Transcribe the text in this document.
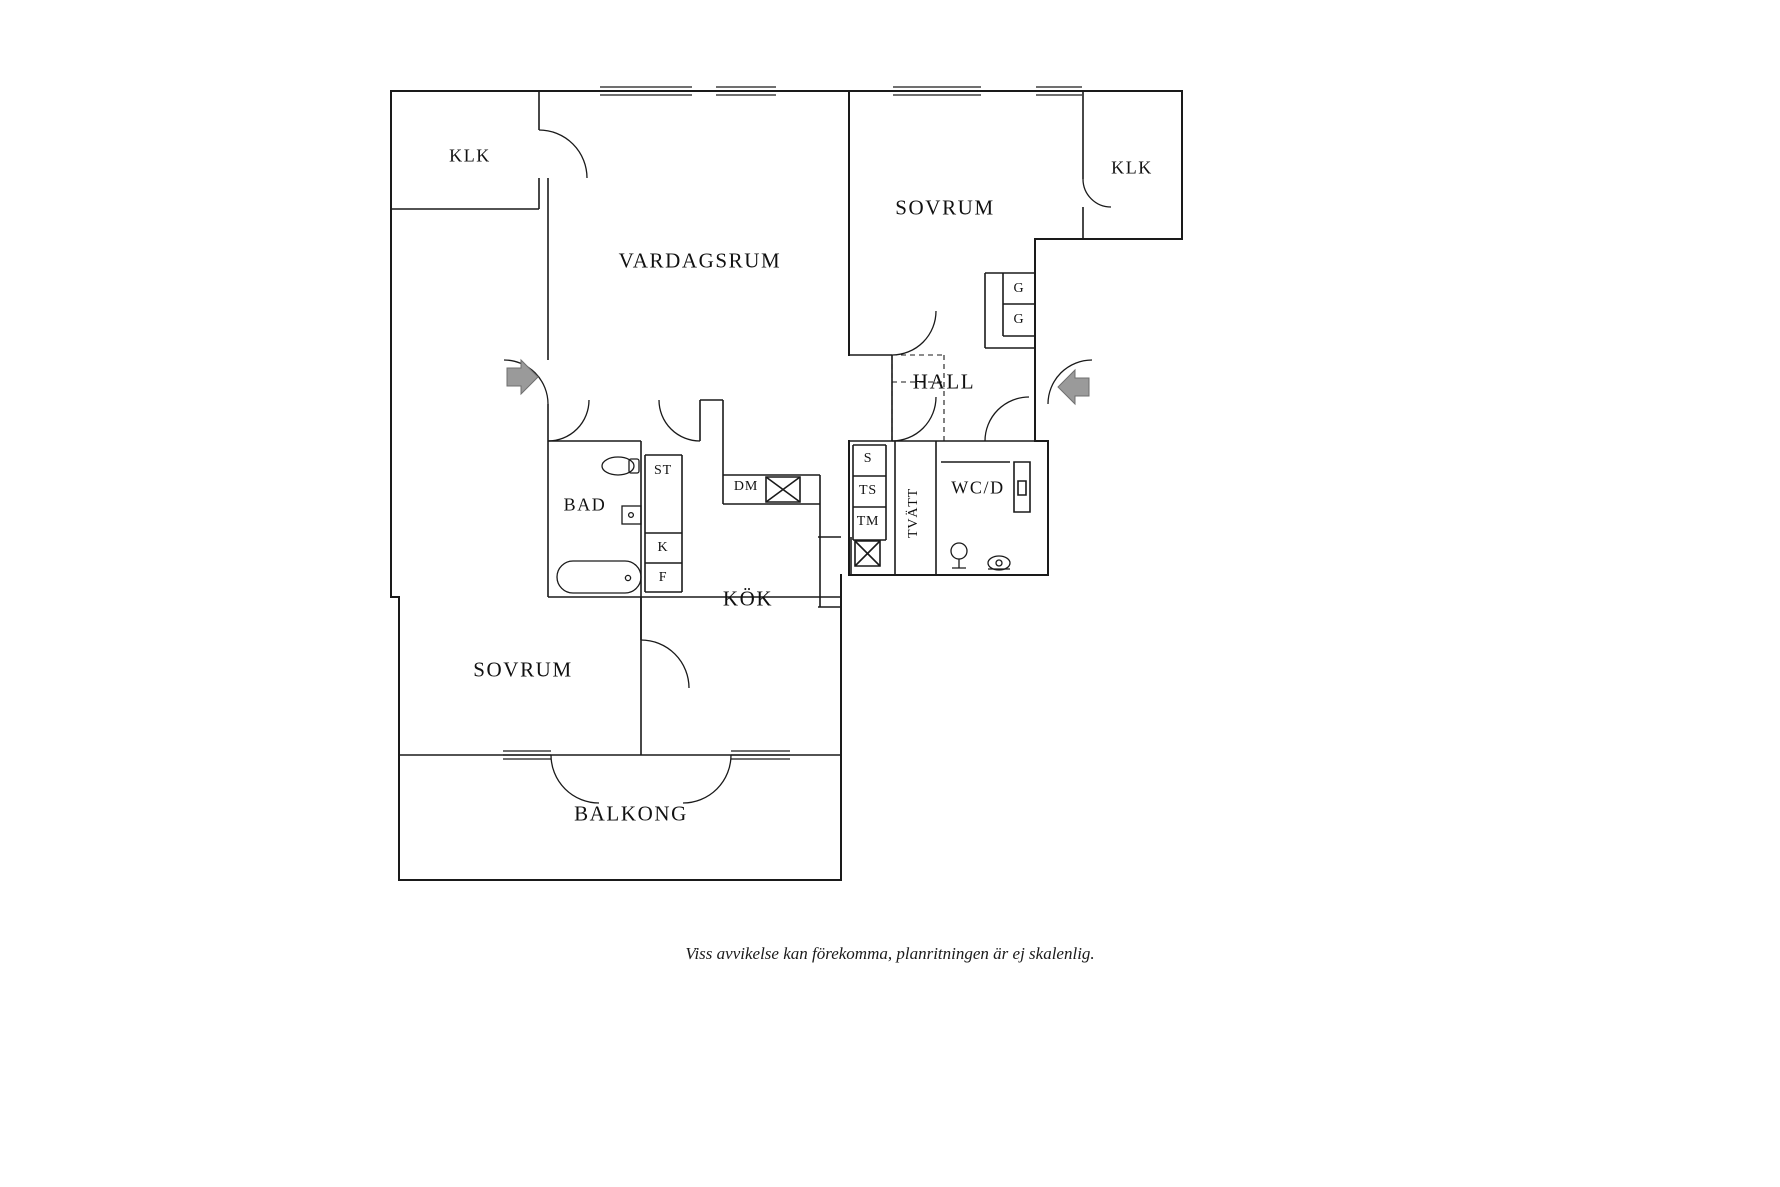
KLK
VARDAGSRUM
SOVRUM
KLK
HALL
BAD
KÖK
SOVRUM
BALKONG
WC/D
ST
K
F
DM
S
TS
TM TVÄTT
G
G
Viss avvikelse kan förekomma, planritningen är ej skalenlig.
